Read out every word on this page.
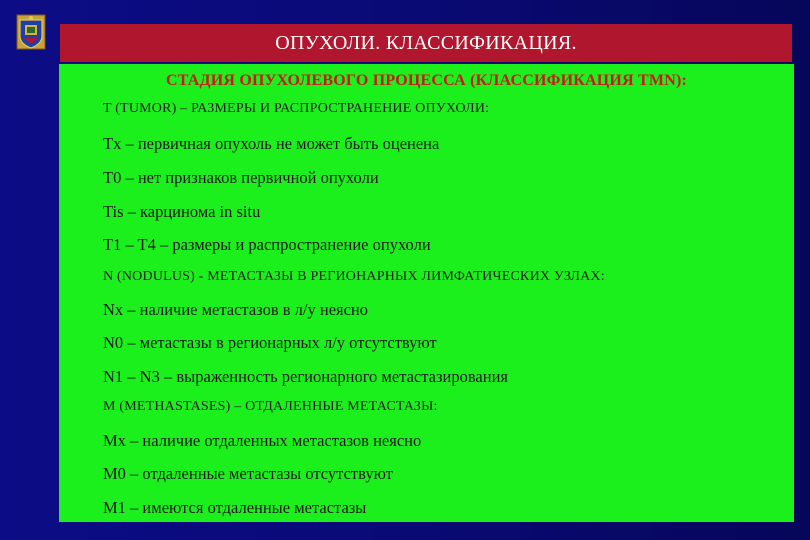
ОПУХОЛИ. КЛАССИФИКАЦИЯ.
СТАДИЯ ОПУХОЛЕВОГО ПРОЦЕССА (КЛАССИФИКАЦИЯ TMN):
T (TUMOR) – РАЗМЕРЫ И РАСПРОСТРАНЕНИЕ ОПУХОЛИ:
Tx – первичная опухоль не может быть оценена
T0 – нет признаков первичной опухоли
Tis – карцинома in situ
T1 – T4 – размеры и распространение опухоли
N (NODULUS) - МЕТАСТАЗЫ В РЕГИОНАРНЫХ ЛИМФАТИЧЕСКИХ УЗЛАХ:
Nx – наличие метастазов в л/у неясно
N0 – метастазы в регионарных л/у отсутствуют
N1 – N3 – выраженность регионарного метастазирования
M (METHASTASES) – ОТДАЛЕННЫЕ МЕТАСТАЗЫ:
Mx – наличие отдаленных метастазов неясно
M0 – отдаленные метастазы отсутствуют
M1 – имеются отдаленные метастазы
